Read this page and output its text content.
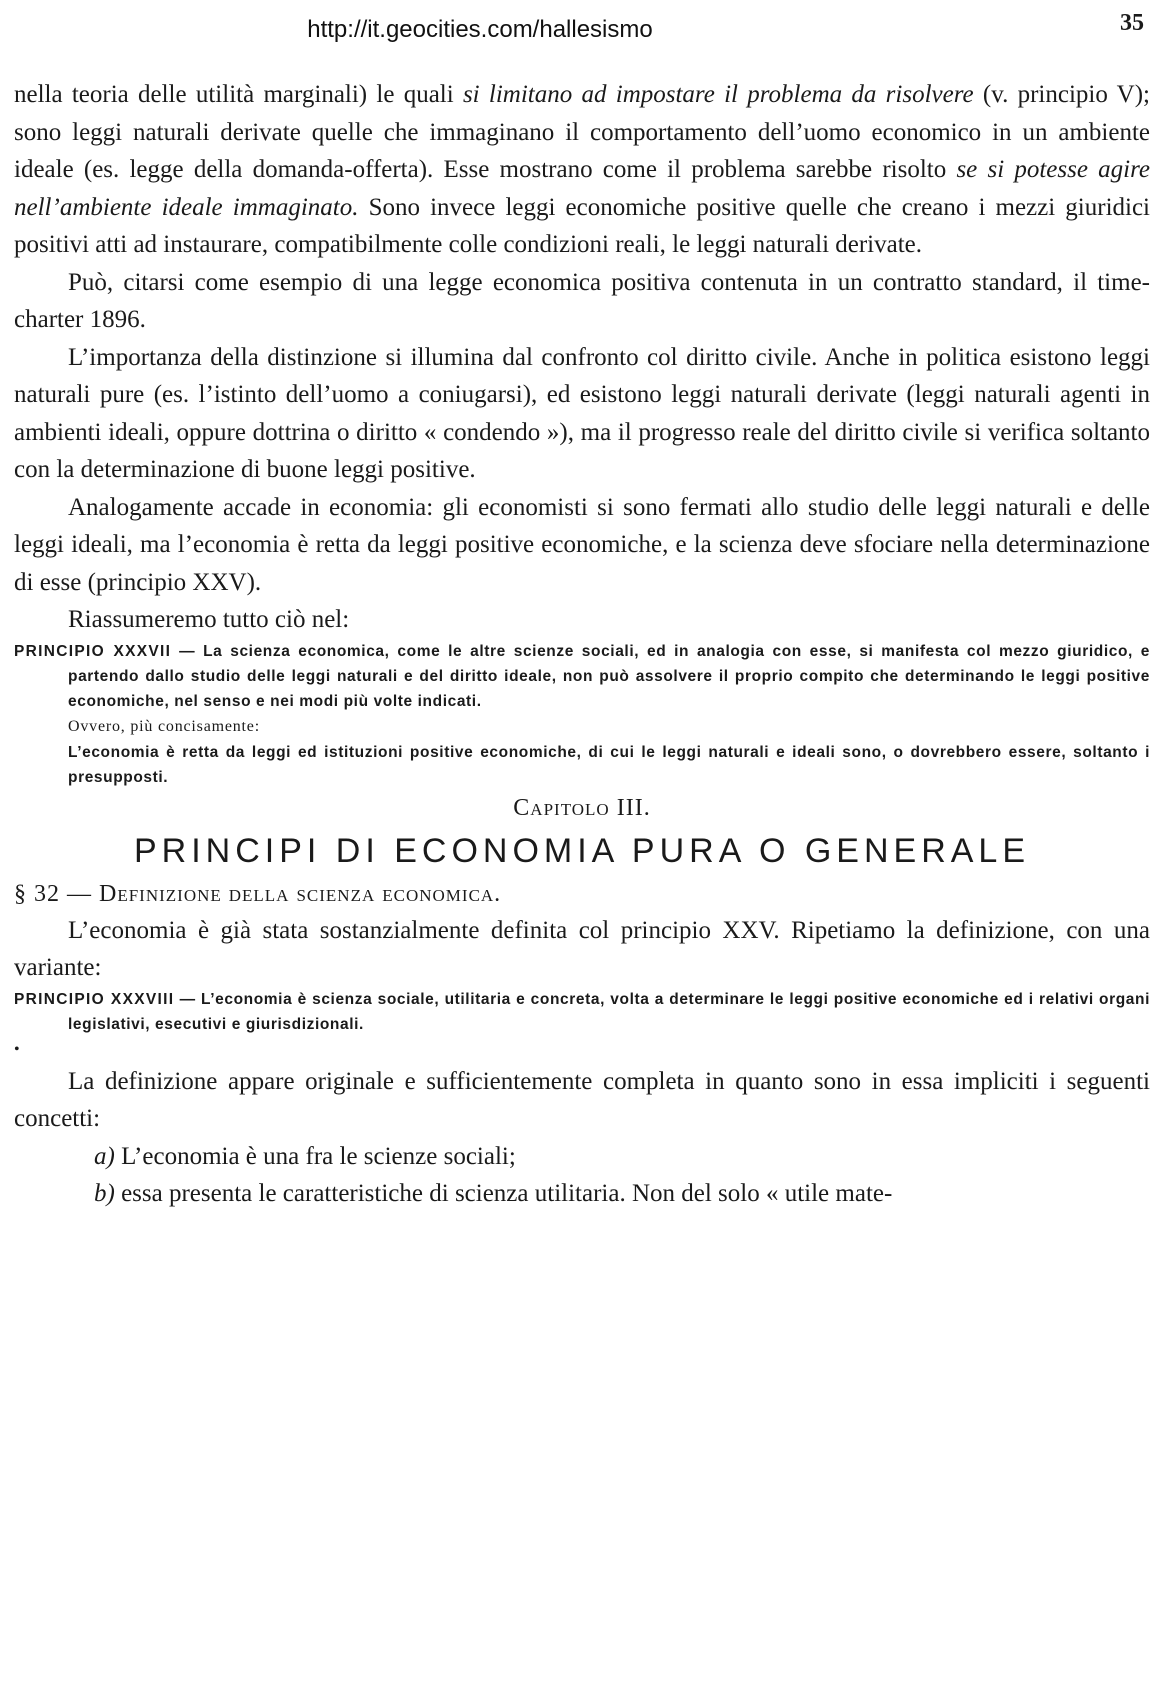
http://it.geocities.com/hallesismo	35

nella teoria delle utilità marginali) le quali si limitano ad impostare il problema da risolvere (v. principio V); sono leggi naturali derivate quelle che immaginano il comportamento dell’uomo economico in un ambiente ideale (es. legge della domanda-offerta). Esse mostrano come il problema sarebbe risolto se si potesse agire nell’ambiente ideale immaginato. Sono invece leggi economiche positive quelle che creano i mezzi giuridici positivi atti ad instaurare, compatibilmente colle condizioni reali, le leggi naturali derivate.

Può, citarsi come esempio di una legge economica positiva contenuta in un contratto standard, il time-charter 1896.

L’importanza della distinzione si illumina dal confronto col diritto civile. Anche in politica esistono leggi naturali pure (es. l’istinto dell’uomo a coniugarsi), ed esistono leggi naturali derivate (leggi naturali agenti in ambienti ideali, oppure dottrina o diritto « condendo »), ma il progresso reale del diritto civile si verifica soltanto con la determinazione di buone leggi positive.

Analogamente accade in economia: gli economisti si sono fermati allo studio delle leggi naturali e delle leggi ideali, ma l’economia è retta da leggi positive economiche, e la scienza deve sfociare nella determinazione di esse (principio XXV).

Riassumeremo tutto ciò nel:

PRINCIPIO XXXVII — La scienza economica, come le altre scienze sociali, ed in analogia con esse, si manifesta col mezzo giuridico, e partendo dallo studio delle leggi naturali e del diritto ideale, non può assolvere il proprio compito che determinando le leggi positive economiche, nel senso e nei modi più volte indicati.

Ovvero, più concisamente:

L’economia è retta da leggi ed istituzioni positive economiche, di cui le leggi naturali e ideali sono, o dovrebbero essere, soltanto i presupposti.

Capitolo III.

PRINCIPI DI ECONOMIA PURA O GENERALE

§ 32 — Definizione della scienza economica.

L’economia è già stata sostanzialmente definita col principio XXV. Ripetiamo la definizione, con una variante:

PRINCIPIO XXXVIII — L’economia è scienza sociale, utilitaria e concreta, volta a determinare le leggi positive economiche ed i relativi organi legislativi, esecutivi e giurisdizionali.

•

La definizione appare originale e sufficientemente completa in quanto sono in essa impliciti i seguenti concetti:

a) L’economia è una fra le scienze sociali;

b) essa presenta le caratteristiche di scienza utilitaria. Non del solo « utile mate-
